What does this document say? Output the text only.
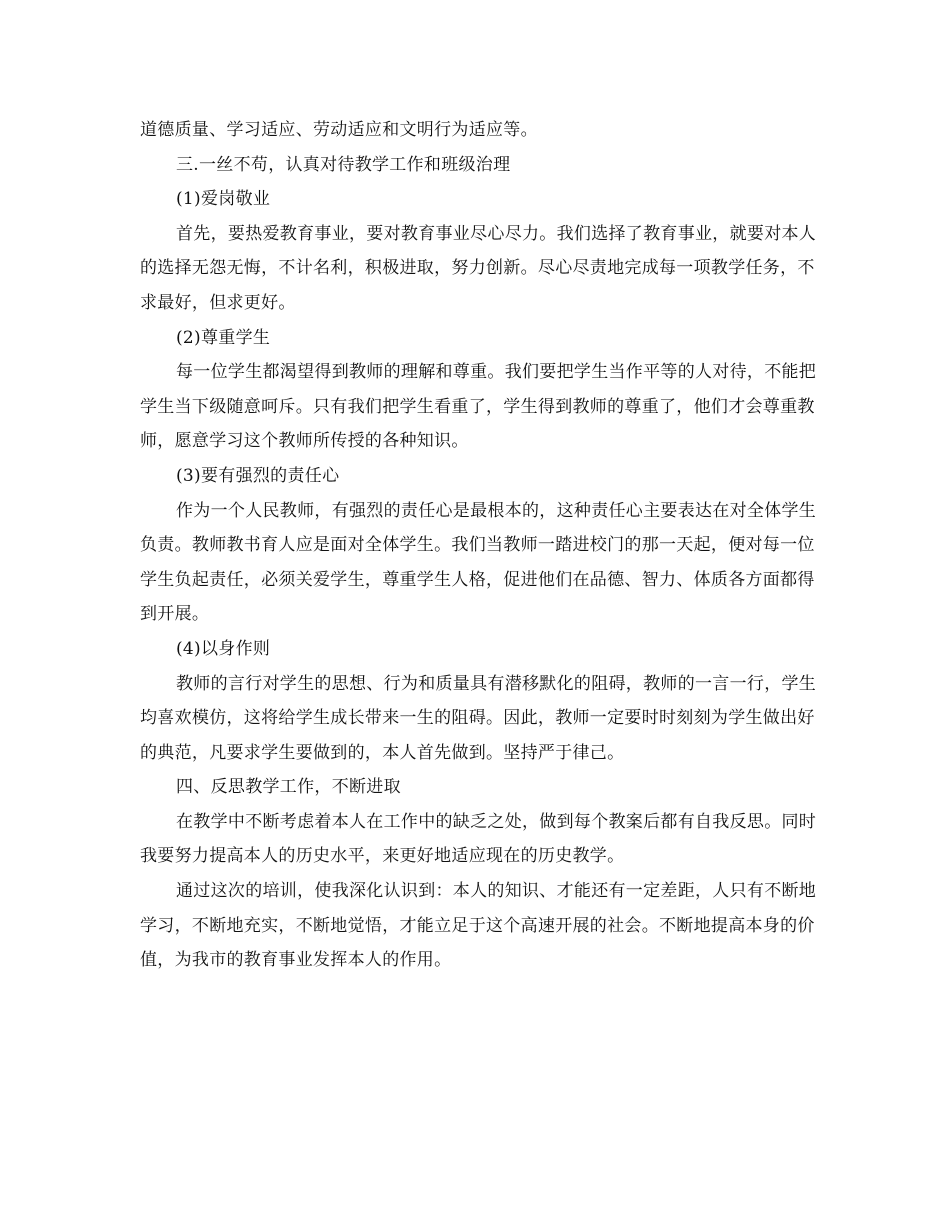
道德质量、学习适应、劳动适应和文明行为适应等。

三.一丝不苟，认真对待教学工作和班级治理

(1)爱岗敬业

首先，要热爱教育事业，要对教育事业尽心尽力。我们选择了教育事业，就要对本人的选择无怨无悔，不计名利，积极进取，努力创新。尽心尽责地完成每一项教学任务，不求最好，但求更好。

(2)尊重学生

每一位学生都渴望得到教师的理解和尊重。我们要把学生当作平等的人对待，不能把学生当下级随意呵斥。只有我们把学生看重了，学生得到教师的尊重了，他们才会尊重教师，愿意学习这个教师所传授的各种知识。

(3)要有强烈的责任心

作为一个人民教师，有强烈的责任心是最根本的，这种责任心主要表达在对全体学生负责。教师教书育人应是面对全体学生。我们当教师一踏进校门的那一天起，便对每一位学生负起责任，必须关爱学生，尊重学生人格，促进他们在品德、智力、体质各方面都得到开展。

(4)以身作则

教师的言行对学生的思想、行为和质量具有潜移默化的阻碍，教师的一言一行，学生均喜欢模仿，这将给学生成长带来一生的阻碍。因此，教师一定要时时刻刻为学生做出好的典范，凡要求学生要做到的，本人首先做到。坚持严于律己。

四、反思教学工作，不断进取

在教学中不断考虑着本人在工作中的缺乏之处，做到每个教案后都有自我反思。同时我要努力提高本人的历史水平，来更好地适应现在的历史教学。

通过这次的培训，使我深化认识到：本人的知识、才能还有一定差距，人只有不断地学习，不断地充实，不断地觉悟，才能立足于这个高速开展的社会。不断地提高本身的价值，为我市的教育事业发挥本人的作用。
